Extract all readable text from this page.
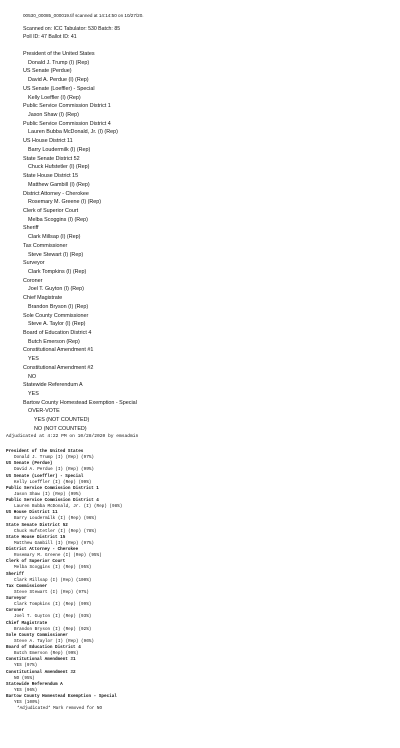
00530_00085_000019.tif scanned at 14:14:50 on 10/27/20.
Scanned on: ICC Tabulator: 530 Batch: 85
Poll ID: 47 Ballot ID: 41
President of the United States
Donald J. Trump (I) (Rep)
US Senate (Perdue)
David A. Perdue (I) (Rep)
US Senate (Loeffler) - Special
Kelly Loeffler (I) (Rep)
Public Service Commission District 1
Jason Shaw (I) (Rep)
Public Service Commission District 4
Lauren Bubba McDonald, Jr. (I) (Rep)
US House District 11
Barry Loudermilk (I) (Rep)
State Senate District 52
Chuck Hufstetler (I) (Rep)
State House District 15
Matthew Gambill (I) (Rep)
District Attorney - Cherokee
Rosemary M. Greene (I) (Rep)
Clerk of Superior Court
Melba Scoggins (I) (Rep)
Sheriff
Clark Millsap (I) (Rep)
Tax Commissioner
Steve Stewart (I) (Rep)
Surveyor
Clark Tompkins (I) (Rep)
Coroner
Joel T. Guyton (I) (Rep)
Chief Magistrate
Brandon Bryson (I) (Rep)
Sole County Commissioner
Steve A. Taylor (I) (Rep)
Board of Education District 4
Butch Emerson (Rep)
Constitutional Amendment #1
YES
Constitutional Amendment #2
NO
Statewide Referendum A
YES
Bartow County Homestead Exemption - Special
OVER-VOTE
YES (NOT COUNTED)
NO (NOT COUNTED)
Adjudicated at 4:22 PM on 10/28/2020 by emsadmin
President of the United States
Donald J. Trump (I) (Rep) (97%)
US Senate (Perdue)
David A. Perdue (I) (Rep) (99%)
US Senate (Loeffler) - Special
Kelly Loeffler (I) (Rep) (99%)
Public Service Commission District 1
Jason Shaw (I) (Rep) (99%)
Public Service Commission District 4
Lauren Bubba McDonald, Jr. (I) (Rep) (98%)
US House District 11
Barry Loudermilk (I) (Rep) (96%)
State Senate District 52
Chuck Hufstetler (I) (Rep) (78%)
State House District 15
Matthew Gambill (I) (Rep) (97%)
District Attorney - Cherokee
Rosemary M. Greene (I) (Rep) (95%)
Clerk of Superior Court
Melba Scoggins (I) (Rep) (95%)
Sheriff
Clark Millsap (I) (Rep) (100%)
Tax Commissioner
Steve Stewart (I) (Rep) (97%)
Surveyor
Clark Tompkins (I) (Rep) (99%)
Coroner
Joel T. Guyton (I) (Rep) (93%)
Chief Magistrate
Brandon Bryson (I) (Rep) (92%)
Sole County Commissioner
Steve A. Taylor (I) (Rep) (96%)
Board of Education District 4
Butch Emerson (Rep) (99%)
Constitutional Amendment #1
YES (97%)
Constitutional Amendment #2
NO (95%)
Statewide Referendum A
YES (96%)
Bartow County Homestead Exemption - Special
YES (100%)
*Adjudicated* Mark removed for NO
